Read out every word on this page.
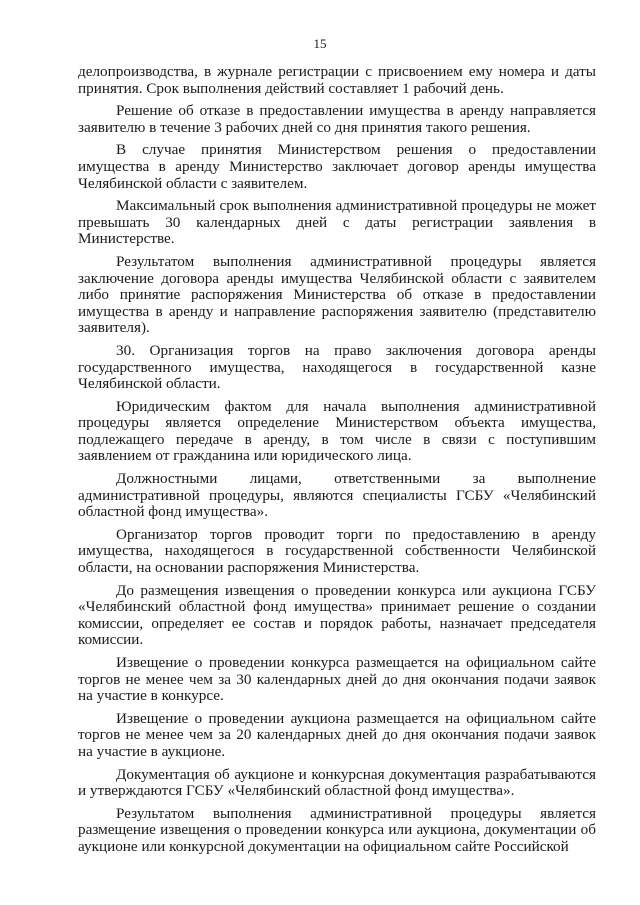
15

делопроизводства, в журнале регистрации с присвоением ему номера и даты принятия. Срок выполнения действий составляет 1 рабочий день.

Решение об отказе в предоставлении имущества в аренду направляется заявителю в течение 3 рабочих дней со дня принятия такого решения.

В случае принятия Министерством решения о предоставлении имущества в аренду Министерство заключает договор аренды имущества Челябинской области с заявителем.

Максимальный срок выполнения административной процедуры не может превышать 30 календарных дней с даты регистрации заявления в Министерстве.

Результатом выполнения административной процедуры является заключение договора аренды имущества Челябинской области с заявителем либо принятие распоряжения Министерства об отказе в предоставлении имущества в аренду и направление распоряжения заявителю (представителю заявителя).

30. Организация торгов на право заключения договора аренды государственного имущества, находящегося в государственной казне Челябинской области.

Юридическим фактом для начала выполнения административной процедуры является определение Министерством объекта имущества, подлежащего передаче в аренду, в том числе в связи с поступившим заявлением от гражданина или юридического лица.

Должностными лицами, ответственными за выполнение административной процедуры, являются специалисты ГСБУ «Челябинский областной фонд имущества».

Организатор торгов проводит торги по предоставлению в аренду имущества, находящегося в государственной собственности Челябинской области, на основании распоряжения Министерства.

До размещения извещения о проведении конкурса или аукциона ГСБУ «Челябинский областной фонд имущества» принимает решение о создании комиссии, определяет ее состав и порядок работы, назначает председателя комиссии.

Извещение о проведении конкурса размещается на официальном сайте торгов не менее чем за 30 календарных дней до дня окончания подачи заявок на участие в конкурсе.

Извещение о проведении аукциона размещается на официальном сайте торгов не менее чем за 20 календарных дней до дня окончания подачи заявок на участие в аукционе.

Документация об аукционе и конкурсная документация разрабатываются и утверждаются ГСБУ «Челябинский областной фонд имущества».

Результатом выполнения административной процедуры является размещение извещения о проведении конкурса или аукциона, документации об аукционе или конкурсной документации на официальном сайте Российской
